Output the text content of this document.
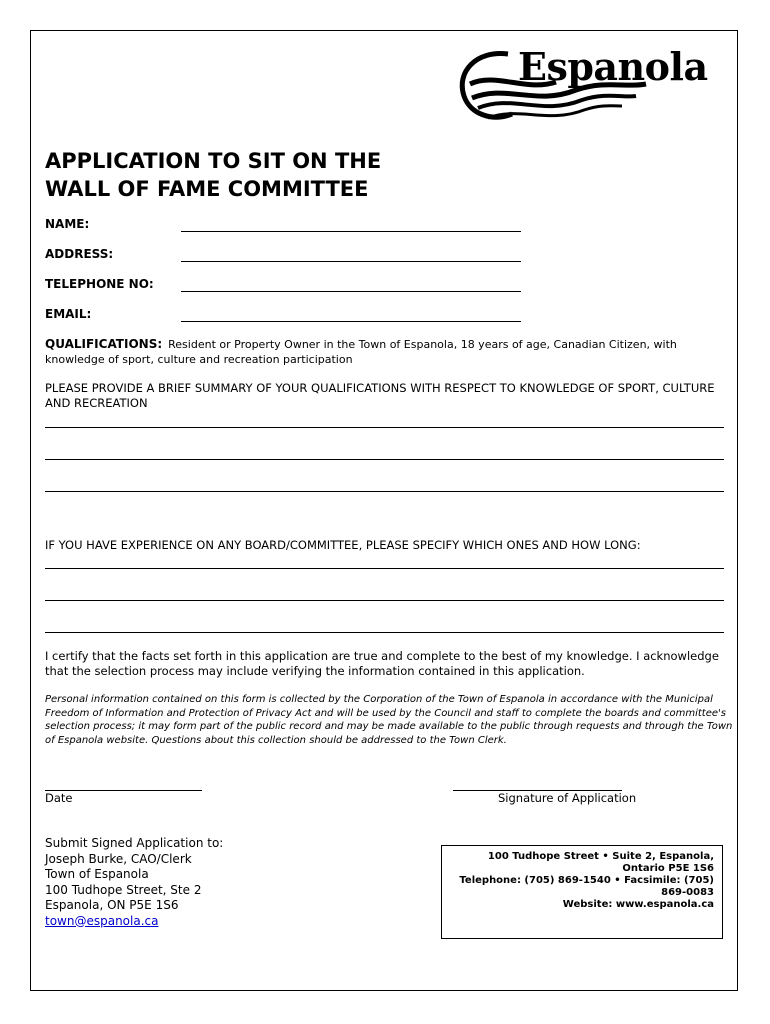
Espanola
APPLICATION TO SIT ON THE
WALL OF FAME COMMITTEE
NAME:
ADDRESS:
TELEPHONE NO:
EMAIL:
QUALIFICATIONS: Resident or Property Owner in the Town of Espanola, 18 years of age, Canadian Citizen, with knowledge of sport, culture and recreation participation
PLEASE PROVIDE A BRIEF SUMMARY OF YOUR QUALIFICATIONS WITH RESPECT TO KNOWLEDGE OF SPORT, CULTURE AND RECREATION
IF YOU HAVE EXPERIENCE ON ANY BOARD/COMMITTEE, PLEASE SPECIFY WHICH ONES AND HOW LONG:
I certify that the facts set forth in this application are true and complete to the best of my knowledge. I acknowledge that the selection process may include verifying the information contained in this application.
Personal information contained on this form is collected by the Corporation of the Town of Espanola in accordance with the Municipal Freedom of Information and Protection of Privacy Act and will be used by the Council and staff to complete the boards and committee's selection process; it may form part of the public record and may be made available to the public through requests and through the Town of Espanola website. Questions about this collection should be addressed to the Town Clerk.
Date	Signature of Application
Submit Signed Application to:
Joseph Burke, CAO/Clerk
Town of Espanola
100 Tudhope Street, Ste 2
Espanola, ON P5E 1S6
town@espanola.ca
100 Tudhope Street • Suite 2, Espanola,
Ontario P5E 1S6
Telephone: (705) 869-1540 • Facsimile: (705)
869-0083
Website: www.espanola.ca
